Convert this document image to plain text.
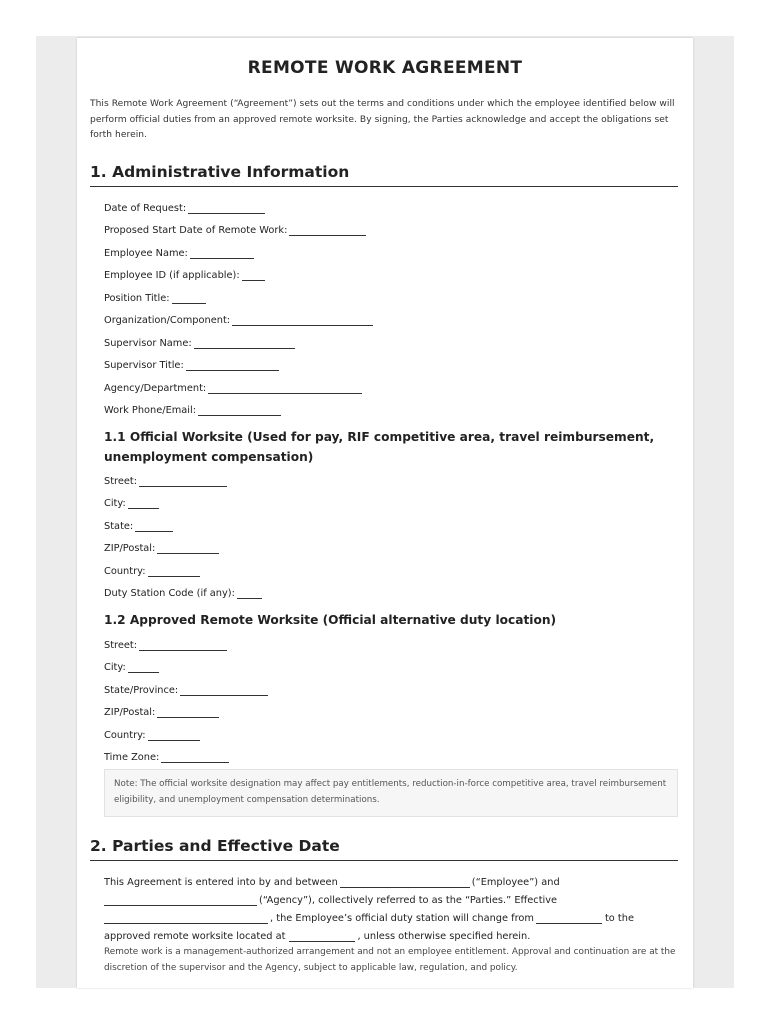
REMOTE WORK AGREEMENT
This Remote Work Agreement (“Agreement”) sets out the terms and conditions under which the employee identified below will perform official duties from an approved remote worksite. By signing, the Parties acknowledge and accept the obligations set forth herein.
1. Administrative Information
Date of Request:
Proposed Start Date of Remote Work:
Employee Name:
Employee ID (if applicable):
Position Title:
Organization/Component:
Supervisor Name:
Supervisor Title:
Agency/Department:
Work Phone/Email:
1.1 Official Worksite (Used for pay, RIF competitive area, travel reimbursement, unemployment compensation)
Street:
City:
State:
ZIP/Postal:
Country:
Duty Station Code (if any):
1.2 Approved Remote Worksite (Official alternative duty location)
Street:
City:
State/Province:
ZIP/Postal:
Country:
Time Zone:
Note: The official worksite designation may affect pay entitlements, reduction-in-force competitive area, travel reimbursement eligibility, and unemployment compensation determinations.
2. Parties and Effective Date
This Agreement is entered into by and between	(“Employee”) and
(“Agency”), collectively referred to as the “Parties.” Effective
, the Employee’s official duty station will change from	to the
approved remote worksite located at	, unless otherwise specified herein.
Remote work is a management-authorized arrangement and not an employee entitlement. Approval and continuation are at the discretion of the supervisor and the Agency, subject to applicable law, regulation, and policy.
